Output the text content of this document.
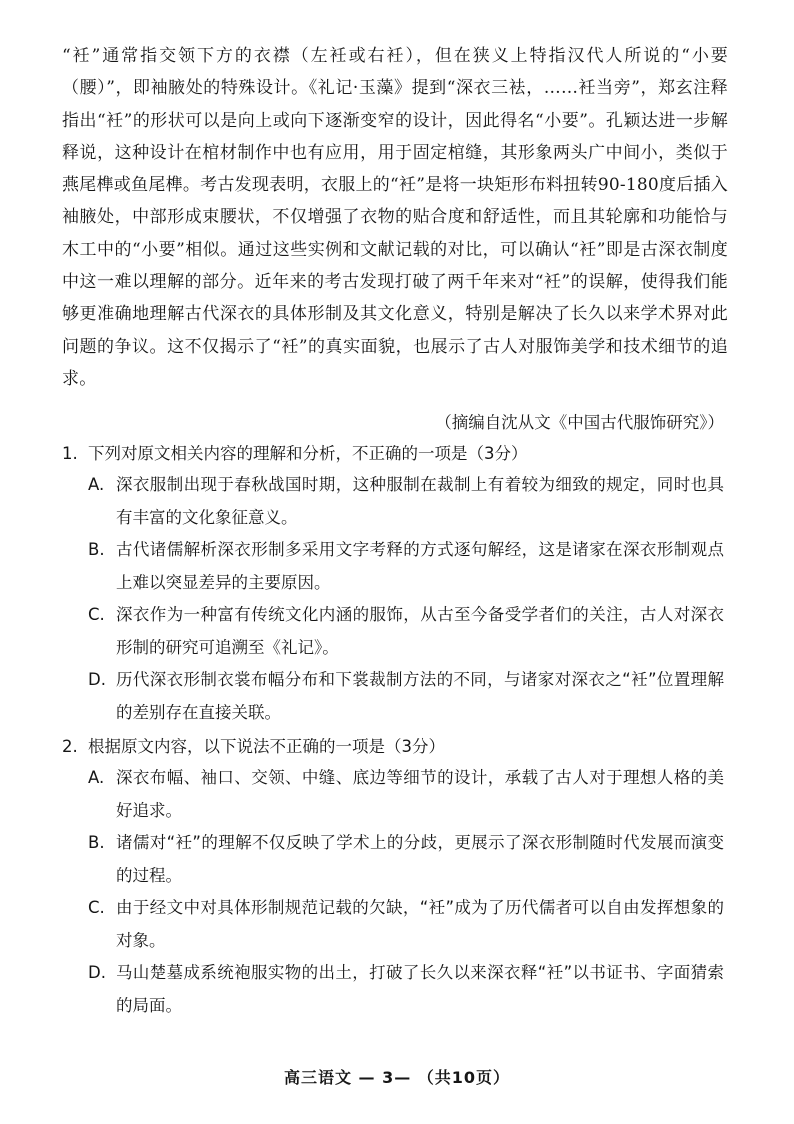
“衽”通常指交领下方的衣襟（左衽或右衽），但在狭义上特指汉代人所说的“小要（腰）”，即袖腋处的特殊设计。《礼记·玉藻》提到“深衣三袪，……衽当旁”，郑玄注释指出“衽”的形状可以是向上或向下逐渐变窄的设计，因此得名“小要”。孔颖达进一步解释说，这种设计在棺材制作中也有应用，用于固定棺缝，其形象两头广中间小，类似于燕尾榫或鱼尾榫。考古发现表明，衣服上的“衽”是将一块矩形布料扭转90-180度后插入袖腋处，中部形成束腰状，不仅增强了衣物的贴合度和舒适性，而且其轮廓和功能恰与木工中的“小要”相似。通过这些实例和文献记载的对比，可以确认“衽”即是古深衣制度中这一难以理解的部分。近年来的考古发现打破了两千年来对“衽”的误解，使得我们能够更准确地理解古代深衣的具体形制及其文化意义，特别是解决了长久以来学术界对此问题的争议。这不仅揭示了“衽”的真实面貌，也展示了古人对服饰美学和技术细节的追求。
（摘编自沈从文《中国古代服饰研究》）
1. 下列对原文相关内容的理解和分析，不正确的一项是（3分）
A. 深衣服制出现于春秋战国时期，这种服制在裁制上有着较为细致的规定，同时也具有丰富的文化象征意义。
B. 古代诸儒解析深衣形制多采用文字考释的方式逐句解经，这是诸家在深衣形制观点上难以突显差异的主要原因。
C. 深衣作为一种富有传统文化内涵的服饰，从古至今备受学者们的关注，古人对深衣形制的研究可追溯至《礼记》。
D. 历代深衣形制衣裳布幅分布和下裳裁制方法的不同，与诸家对深衣之“衽”位置理解的差别存在直接关联。
2. 根据原文内容，以下说法不正确的一项是（3分）
A. 深衣布幅、袖口、交领、中缝、底边等细节的设计，承载了古人对于理想人格的美好追求。
B. 诸儒对“衽”的理解不仅反映了学术上的分歧，更展示了深衣形制随时代发展而演变的过程。
C. 由于经文中对具体形制规范记载的欠缺，“衽”成为了历代儒者可以自由发挥想象的对象。
D. 马山楚墓成系统袍服实物的出土，打破了长久以来深衣释“衽”以书证书、字面猜索的局面。
高三语文 — 3— （共10页）
